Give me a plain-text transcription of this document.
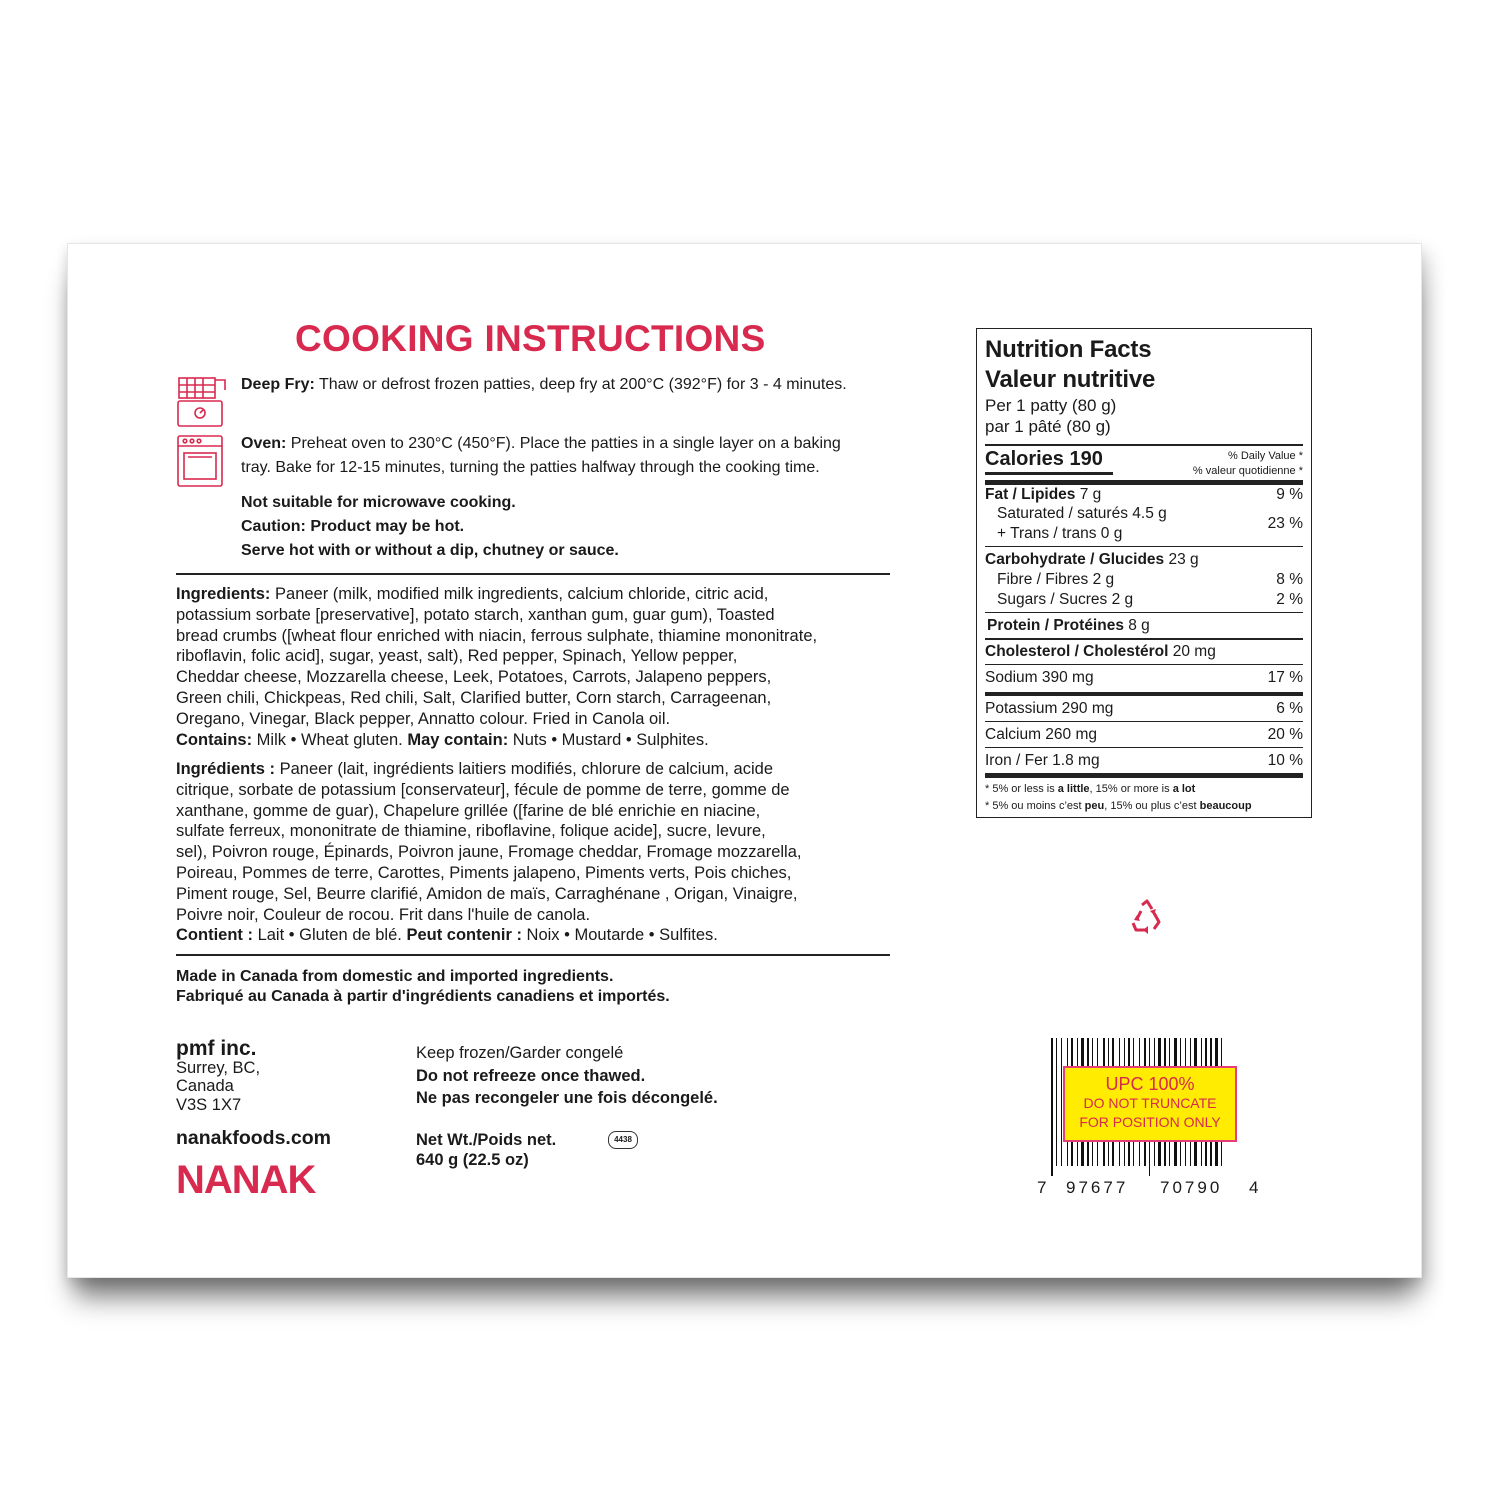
COOKING INSTRUCTIONS
Deep Fry: Thaw or defrost frozen patties, deep fry at 200°C (392°F) for 3 - 4 minutes.
Oven: Preheat oven to 230°C (450°F). Place the patties in a single layer on a baking
tray. Bake for 12-15 minutes, turning the patties halfway through the cooking time.
Not suitable for microwave cooking.
Caution: Product may be hot.
Serve hot with or without a dip, chutney or sauce.
Ingredients: Paneer (milk, modified milk ingredients, calcium chloride, citric acid,
potassium sorbate [preservative], potato starch, xanthan gum, guar gum), Toasted
bread crumbs ([wheat flour enriched with niacin, ferrous sulphate, thiamine mononitrate,
riboflavin, folic acid], sugar, yeast, salt), Red pepper, Spinach, Yellow pepper,
Cheddar cheese, Mozzarella cheese, Leek, Potatoes, Carrots, Jalapeno peppers,
Green chili, Chickpeas, Red chili, Salt, Clarified butter, Corn starch, Carrageenan,
Oregano, Vinegar, Black pepper, Annatto colour. Fried in Canola oil.
Contains: Milk • Wheat gluten. May contain: Nuts • Mustard • Sulphites.
Ingrédients : Paneer (lait, ingrédients laitiers modifiés, chlorure de calcium, acide
citrique, sorbate de potassium [conservateur], fécule de pomme de terre, gomme de
xanthane, gomme de guar), Chapelure grillée ([farine de blé enrichie en niacine,
sulfate ferreux, mononitrate de thiamine, riboflavine, folique acide], sucre, levure,
sel), Poivron rouge, Épinards, Poivron jaune, Fromage cheddar, Fromage mozzarella,
Poireau, Pommes de terre, Carottes, Piments jalapeno, Piments verts, Pois chiches,
Piment rouge, Sel, Beurre clarifié, Amidon de maïs, Carraghénane , Origan, Vinaigre,
Poivre noir, Couleur de rocou. Frit dans l'huile de canola.
Contient : Lait • Gluten de blé. Peut contenir : Noix • Moutarde • Sulfites.
Made in Canada from domestic and imported ingredients.
Fabriqué au Canada à partir d'ingrédients canadiens et importés.
pmf inc.
Surrey, BC,
Canada
V3S 1X7
nanakfoods.com
NANAK
Keep frozen/Garder congelé
Do not refreeze once thawed.
Ne pas recongeler une fois décongelé.
Net Wt./Poids net.
640 g (22.5 oz)
4438
Nutrition Facts
Valeur nutritive
Per 1 patty (80 g)
par 1 pâté (80 g)
Calories 190	% Daily Value *
% valeur quotidienne *
Fat / Lipides 7 g	9 %
Saturated / saturés 4.5 g
+ Trans / trans 0 g
23 %
Carbohydrate / Glucides 23 g
Fibre / Fibres 2 g	8 %
Sugars / Sucres 2 g	2 %
Protein / Protéines 8 g
Cholesterol / Cholestérol 20 mg
Sodium 390 mg	17 %
Potassium 290 mg	6 %
Calcium 260 mg	20 %
Iron / Fer 1.8 mg	10 %
* 5% or less is a little, 15% or more is a lot
* 5% ou moins c’est peu, 15% ou plus c’est beaucoup
UPC 100%
DO NOT TRUNCATE
FOR POSITION ONLY
7 97677 70790 4
